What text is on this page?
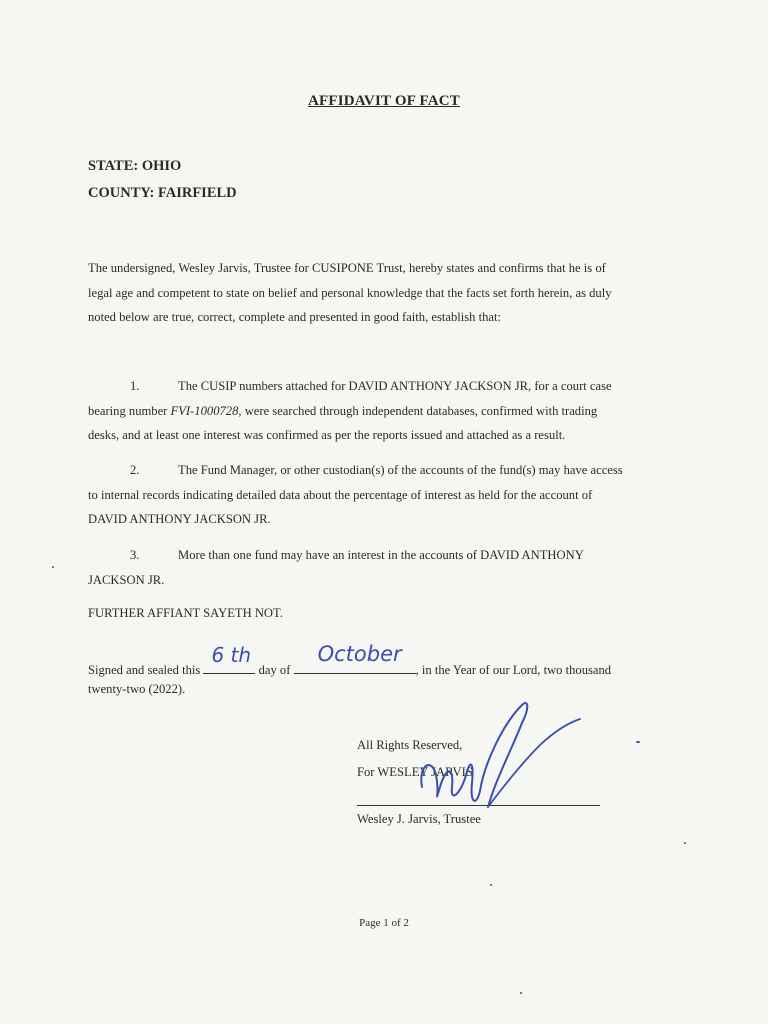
AFFIDAVIT OF FACT
STATE: OHIO
COUNTY: FAIRFIELD
The undersigned, Wesley Jarvis, Trustee for CUSIPONE Trust, hereby states and confirms that he is of
legal age and competent to state on belief and personal knowledge that the facts set forth herein, as duly
noted below are true, correct, complete and presented in good faith, establish that:
1.	The CUSIP numbers attached for DAVID ANTHONY JACKSON JR, for a court case
bearing number FVI-1000728, were searched through independent databases, confirmed with trading
desks, and at least one interest was confirmed as per the reports issued and attached as a result.
2.	The Fund Manager, or other custodian(s) of the accounts of the fund(s) may have access
to internal records indicating detailed data about the percentage of interest as held for the account of
DAVID ANTHONY JACKSON JR.
3.	More than one fund may have an interest in the accounts of DAVID ANTHONY
JACKSON JR.
FURTHER AFFIANT SAYETH NOT.
Signed and sealed this
6 th
day of
October
, in the Year of our Lord, two thousand
twenty-two (2022).
All Rights Reserved,
For WESLEY JARVIS
Wesley J. Jarvis, Trustee
Page 1 of 2
